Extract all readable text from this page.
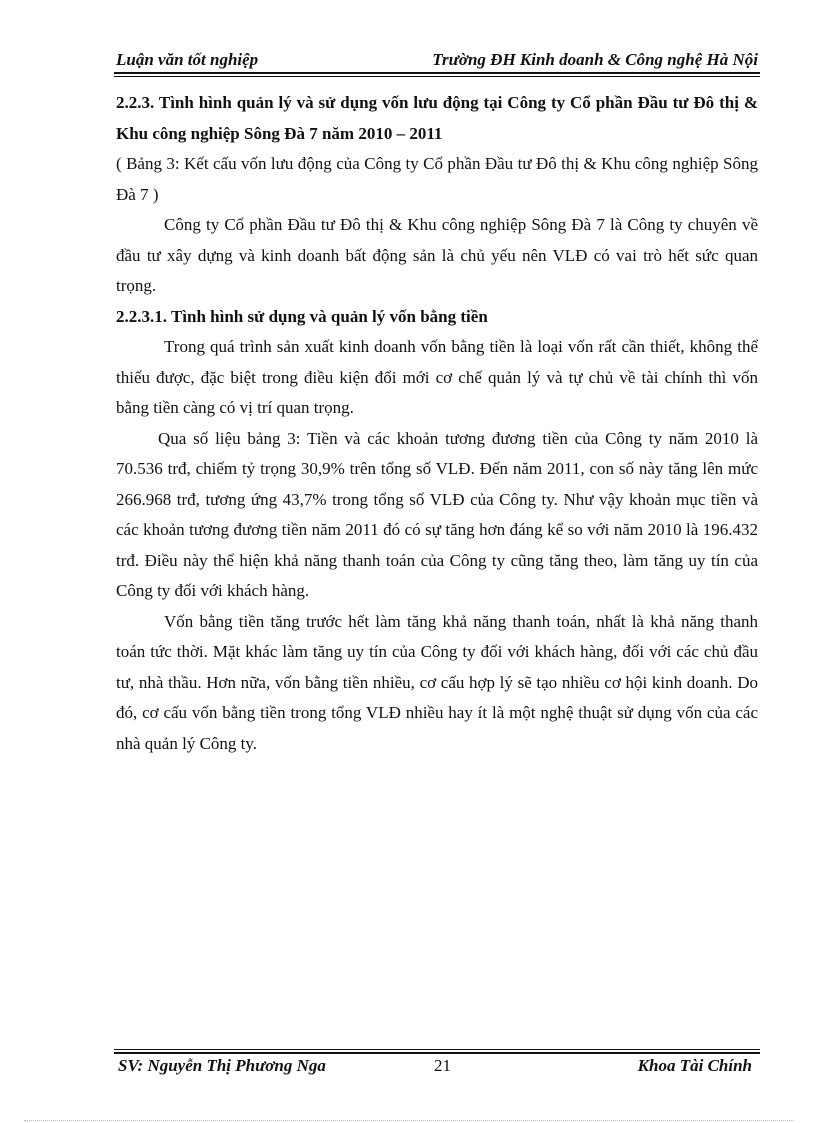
Luận văn tốt nghiệp	Trường ĐH Kinh doanh & Công nghệ Hà Nội

2.2.3. Tình hình quản lý và sử dụng vốn lưu động tại Công ty Cổ phần Đầu tư Đô thị & Khu công nghiệp Sông Đà 7 năm 2010 – 2011

( Bảng 3: Kết cấu vốn lưu động của Công ty Cổ phần Đầu tư Đô thị & Khu công nghiệp Sông Đà 7 )

Công ty Cổ phần Đầu tư Đô thị & Khu công nghiệp Sông Đà 7 là Công ty chuyên về đầu tư xây dựng và kinh doanh bất động sản là chủ yếu nên VLĐ có vai trò hết sức quan trọng.

2.2.3.1. Tình hình sử dụng và quản lý vốn bằng tiền

Trong quá trình sản xuất kinh doanh vốn bằng tiền là loại vốn rất cần thiết, không thể thiếu được, đặc biệt trong điều kiện đổi mới cơ chế quản lý và tự chủ về tài chính thì vốn bằng tiền càng có vị trí quan trọng.

Qua số liệu bảng 3: Tiền và các khoản tương đương tiền của Công ty năm 2010 là 70.536 trđ, chiếm tỷ trọng 30,9% trên tổng số VLĐ. Đến năm 2011, con số này tăng lên mức 266.968 trđ, tương ứng 43,7% trong tổng số VLĐ của Công ty. Như vậy khoản mục tiền và các khoản tương đương tiền năm 2011 đó có sự tăng hơn đáng kể so với năm 2010 là 196.432 trđ. Điều này thể hiện khả năng thanh toán của Công ty cũng tăng theo, làm tăng uy tín của Công ty đối với khách hàng.

Vốn bằng tiền tăng trước hết làm tăng khả năng thanh toán, nhất là khả năng thanh toán tức thời. Mặt khác làm tăng uy tín của Công ty đối với khách hàng, đối với các chủ đầu tư, nhà thầu. Hơn nữa, vốn bằng tiền nhiều, cơ cấu hợp lý sẽ tạo nhiều cơ hội kinh doanh. Do đó, cơ cấu vốn bằng tiền trong tổng VLĐ nhiều hay ít là một nghệ thuật sử dụng vốn của các nhà quản lý Công ty.

SV: Nguyễn Thị Phương Nga	21	Khoa Tài Chính
